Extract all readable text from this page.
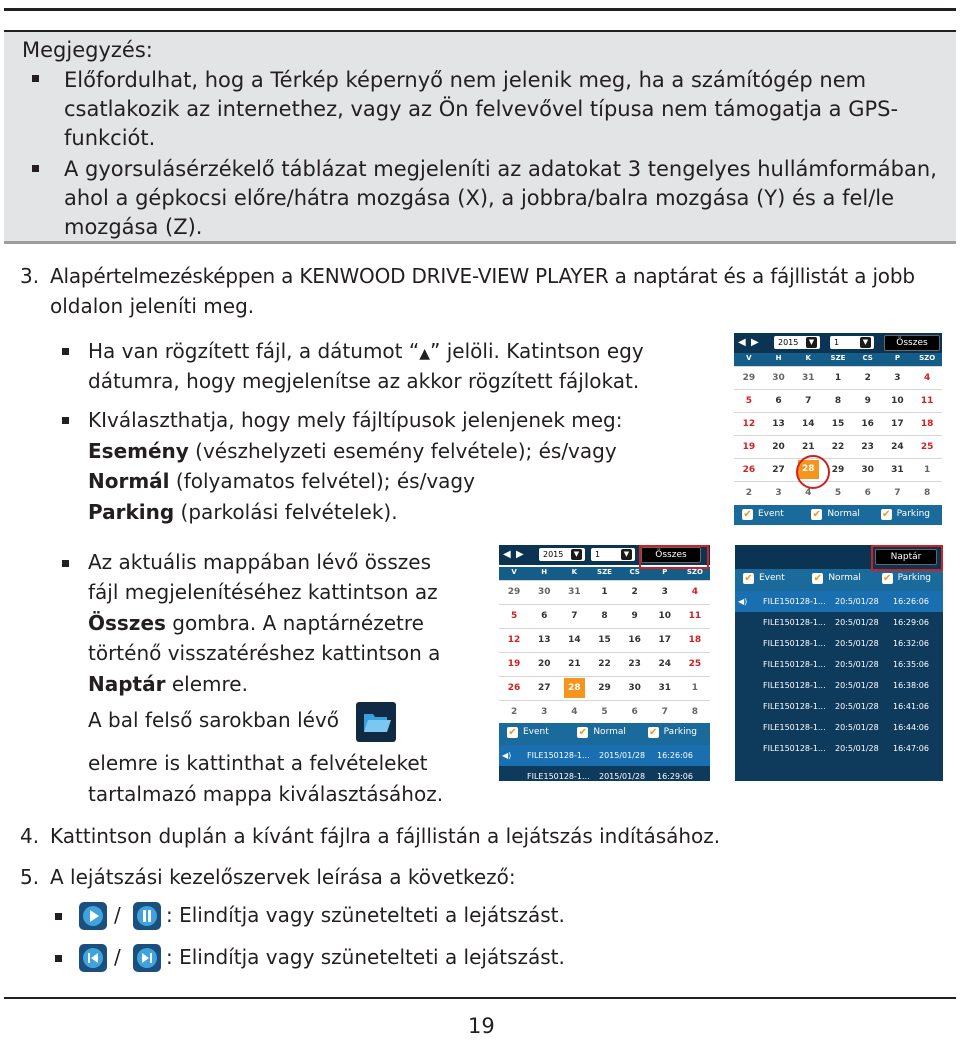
Megjegyzés:
Előfordulhat, hog a Térkép képernyő nem jelenik meg, ha a számítógép nem
csatlakozik az internethez, vagy az Ön felvevővel típusa nem támogatja a GPS-
funkciót.
A gyorsulásérzékelő táblázat megjeleníti az adatokat 3 tengelyes hullámformában,
ahol a gépkocsi előre/hátra mozgása (X), a jobbra/balra mozgása (Y) és a fel/le
mozgása (Z).
3. Alapértelmezésképpen a KENWOOD DRIVE-VIEW PLAYER a naptárat és a fájllistát a jobb
oldalon jeleníti meg.
Ha van rögzített fájl, a dátumot “▲” jelöli. Katintson egy
dátumra, hogy megjelenítse az akkor rögzített fájlokat.
KIválaszthatja, hogy mely fájltípusok jelenjenek meg:
Esemény (vészhelyzeti esemény felvétele); és/vagy
Normál (folyamatos felvétel); és/vagy
Parking (parkolási felvételek).
Az aktuális mappában lévő összes
fájl megjelenítéséhez kattintson az
Összes gombra. A naptárnézetre
történő visszatéréshez kattintson a
Naptár elemre.
A bal felső sarokban lévő
elemre is kattinthat a felvételeket
tartalmazó mappa kiválasztásához.
◀ ▶	2015	▼	1	▼	Összes
V	H	K	SZE	CS	P	SZO
29	30	31	1	2	3	4
5	6	7	8	9	10	11
12	13	14	15	16	17	18
19	20	21	22	23	24	25
26	27	28	29	30	31	1
2	3	4	5	6	7	8
✔ Event	✔ Normal ✔ Parking
◀ ▶	2015	▼	1	▼	Összes
V	H	K	SZE	CS	P	SZO
29	30	31	1	2	3	4
5	6	7	8	9	10	11
12	13	14	15	16	17	18
19	20	21	22	23	24	25
26	27	28	29	30	31	1
2	3	4	5	6	7	8
✔ Event	✔ Normal ✔ Parking
◀) FILE150128-1... 2015/01/28 16:26:06
FILE150128-1... 2015/01/28 16:29:06
Naptár
✔ Event	✔ Normal ✔ Parking
◀) FILE150128-1... 20:5/01/28 16:26:06
FILE150128-1... 20:5/01/28 16:29:06
FILE150128-1... 20:5/01/28 16:32:06
FILE150128-1... 20:5/01/28 16:35:06
FILE150128-1... 20:5/01/28 16:38:06
FILE150128-1... 20:5/01/28 16:41:06
FILE150128-1... 20:5/01/28 16:44:06
FILE150128-1... 20:5/01/28 16:47:06
4. Kattintson duplán a kívánt fájlra a fájllistán a lejátszás indításához.
5. A lejátszási kezelőszervek leírása a következő:
/ : Elindítja vagy szünetelteti a lejátszást.
/ : Elindítja vagy szünetelteti a lejátszást.
19
